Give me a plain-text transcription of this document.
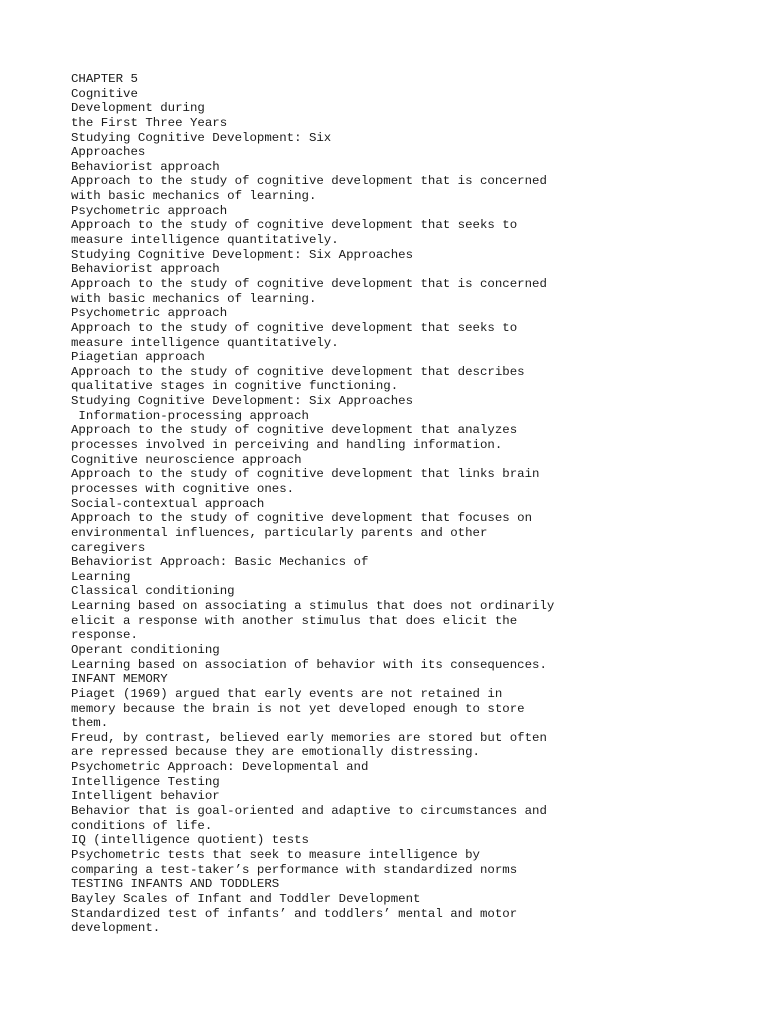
CHAPTER 5
Cognitive
Development during
the First Three Years
Studying Cognitive Development: Six
Approaches
Behaviorist approach
Approach to the study of cognitive development that is concerned
with basic mechanics of learning.
Psychometric approach
Approach to the study of cognitive development that seeks to
measure intelligence quantitatively.
Studying Cognitive Development: Six Approaches
Behaviorist approach
Approach to the study of cognitive development that is concerned
with basic mechanics of learning.
Psychometric approach
Approach to the study of cognitive development that seeks to
measure intelligence quantitatively.
Piagetian approach
Approach to the study of cognitive development that describes
qualitative stages in cognitive functioning.
Studying Cognitive Development: Six Approaches
Information-processing approach
Approach to the study of cognitive development that analyzes
processes involved in perceiving and handling information.
Cognitive neuroscience approach
Approach to the study of cognitive development that links brain
processes with cognitive ones.
Social-contextual approach
Approach to the study of cognitive development that focuses on
environmental influences, particularly parents and other
caregivers
Behaviorist Approach: Basic Mechanics of
Learning
Classical conditioning
Learning based on associating a stimulus that does not ordinarily
elicit a response with another stimulus that does elicit the
response.
Operant conditioning
Learning based on association of behavior with its consequences.
INFANT MEMORY
Piaget (1969) argued that early events are not retained in
memory because the brain is not yet developed enough to store
them.
Freud, by contrast, believed early memories are stored but often
are repressed because they are emotionally distressing.
Psychometric Approach: Developmental and
Intelligence Testing
Intelligent behavior
Behavior that is goal-oriented and adaptive to circumstances and
conditions of life.
IQ (intelligence quotient) tests
Psychometric tests that seek to measure intelligence by
comparing a test-taker’s performance with standardized norms
TESTING INFANTS AND TODDLERS
Bayley Scales of Infant and Toddler Development
Standardized test of infants’ and toddlers’ mental and motor
development.
